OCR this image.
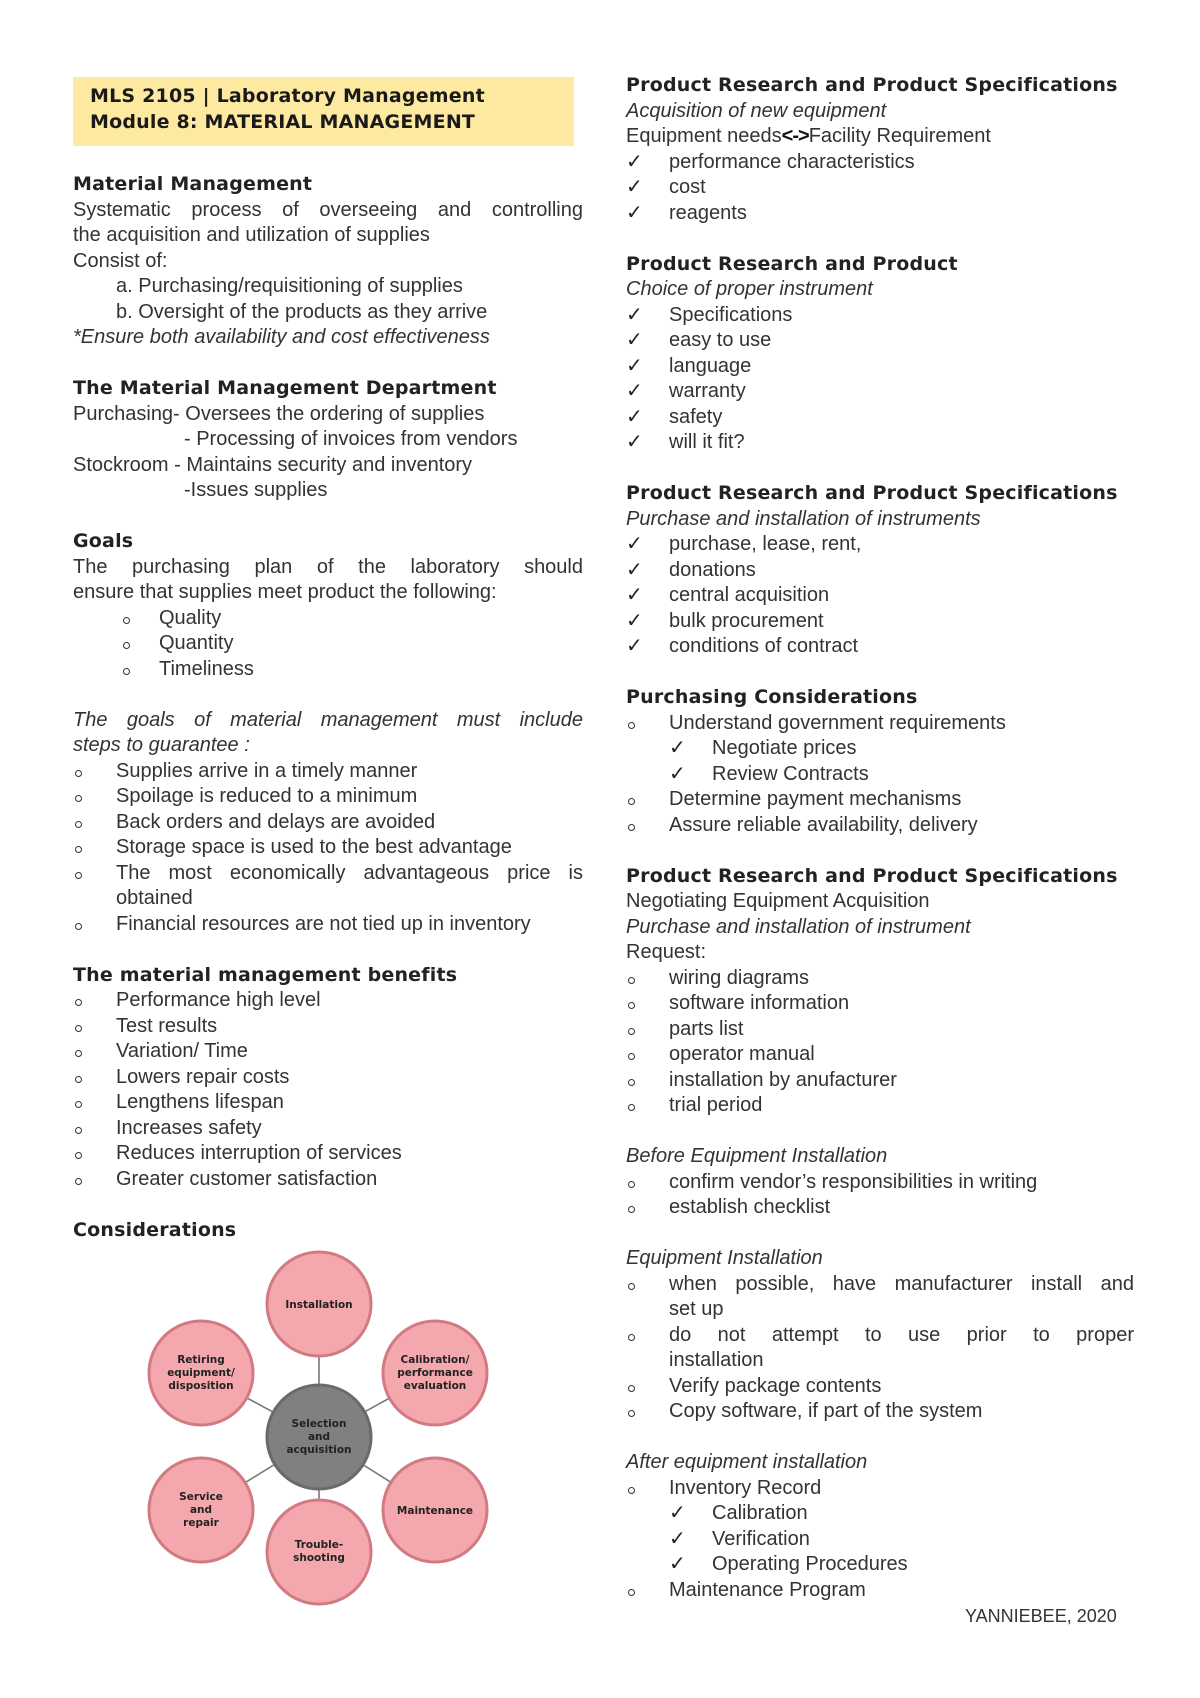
MLS 2105 | Laboratory Management
Module 8: MATERIAL MANAGEMENT
Material Management
Systematic process of overseeing and controlling
the acquisition and utilization of supplies
Consist of:
a. Purchasing/requisitioning of supplies
b. Oversight of the products as they arrive
*Ensure both availability and cost effectiveness
The Material Management Department
Purchasing- Oversees the ordering of supplies
- Processing of invoices from vendors
Stockroom - Maintains security and inventory
-Issues supplies
Goals
The purchasing plan of the laboratory should
ensure that supplies meet product the following:
Quality
Quantity
Timeliness
The goals of material management must include
steps to guarantee :
Supplies arrive in a timely manner
Spoilage is reduced to a minimum
Back orders and delays are avoided
Storage space is used to the best advantage
The most economically advantageous price is
obtained
Financial resources are not tied up in inventory
The material management benefits
Performance high level
Test results
Variation/ Time
Lowers repair costs
Lengthens lifespan
Increases safety
Reduces interruption of services
Greater customer satisfaction
Considerations
Installation
Calibration/
performance
evaluation
Maintenance
Trouble-
shooting
Service
and
repair
Retiring
equipment/
disposition
Selection
and
acquisition
Product Research and Product Specifications
Acquisition of new equipment
Equipment needs<->Facility Requirement
✓ performance characteristics
✓ cost
✓ reagents
Product Research and Product
Choice of proper instrument
✓ Specifications
✓ easy to use
✓ language
✓ warranty
✓ safety
✓ will it fit?
Product Research and Product Specifications
Purchase and installation of instruments
✓ purchase, lease, rent,
✓ donations
✓ central acquisition
✓ bulk procurement
✓ conditions of contract
Purchasing Considerations
Understand government requirements
✓ Negotiate prices
✓ Review Contracts
Determine payment mechanisms
Assure reliable availability, delivery
Product Research and Product Specifications
Negotiating Equipment Acquisition
Purchase and installation of instrument
Request:
wiring diagrams
software information
parts list
operator manual
installation by anufacturer
trial period
Before Equipment Installation
confirm vendor’s responsibilities in writing
establish checklist
Equipment Installation
when possible, have manufacturer install and
set up
do not attempt to use prior to proper
installation
Verify package contents
Copy software, if part of the system
After equipment installation
Inventory Record
✓ Calibration
✓ Verification
✓ Operating Procedures
Maintenance Program
YANNIEBEE, 2020
